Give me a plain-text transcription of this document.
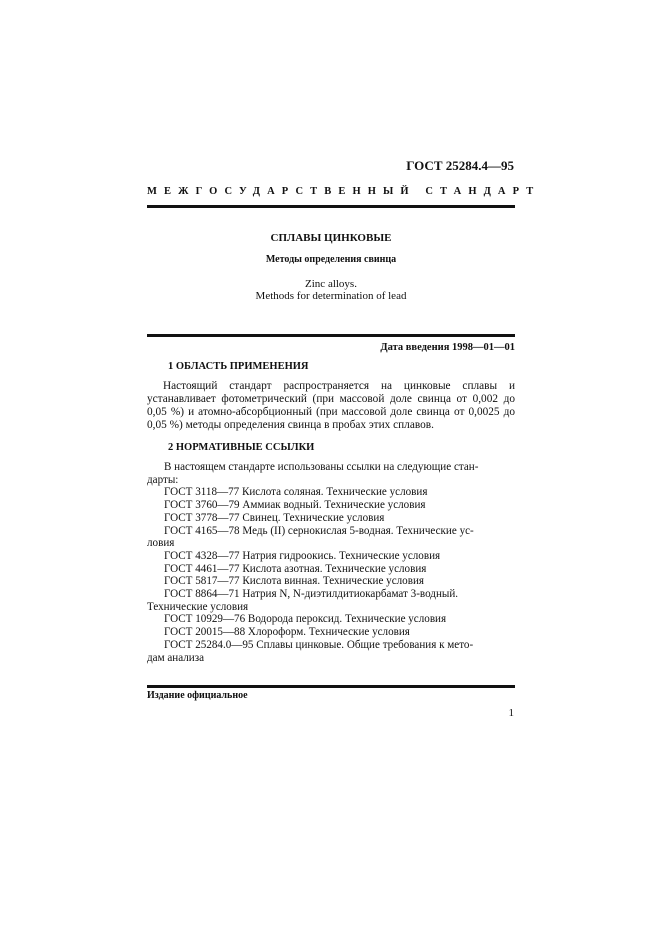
ГОСТ 25284.4—95
МЕЖГОСУДАРСТВЕННЫЙ СТАНДАРТ
СПЛАВЫ ЦИНКОВЫЕ
Методы определения свинца
Zinc alloys.
Methods for determination of lead
Дата введения 1998—01—01
1 ОБЛАСТЬ ПРИМЕНЕНИЯ

Настоящий стандарт распространяется на цинковые сплавы и устанавливает фотометрический (при массовой доле свинца от 0,002 до 0,05 %) и атомно-абсорбционный (при массовой доле свинца от 0,0025 до 0,05 %) методы определения свинца в пробах этих сплавов.

2 НОРМАТИВНЫЕ ССЫЛКИ
В настоящем стандарте использованы ссылки на следующие стан-
дарты:
ГОСТ 3118—77 Кислота соляная. Технические условия
ГОСТ 3760—79 Аммиак водный. Технические условия
ГОСТ 3778—77 Свинец. Технические условия
ГОСТ 4165—78 Медь (II) сернокислая 5-водная. Технические ус-
ловия
ГОСТ 4328—77 Натрия гидроокись. Технические условия
ГОСТ 4461—77 Кислота азотная. Технические условия
ГОСТ 5817—77 Кислота винная. Технические условия
ГОСТ 8864—71 Натрия N, N-диэтилдитиокарбамат 3-водный.
Технические условия
ГОСТ 10929—76 Водорода пероксид. Технические условия
ГОСТ 20015—88 Хлороформ. Технические условия
ГОСТ 25284.0—95 Сплавы цинковые. Общие требования к мето-
дам анализа
Издание официальное
1
